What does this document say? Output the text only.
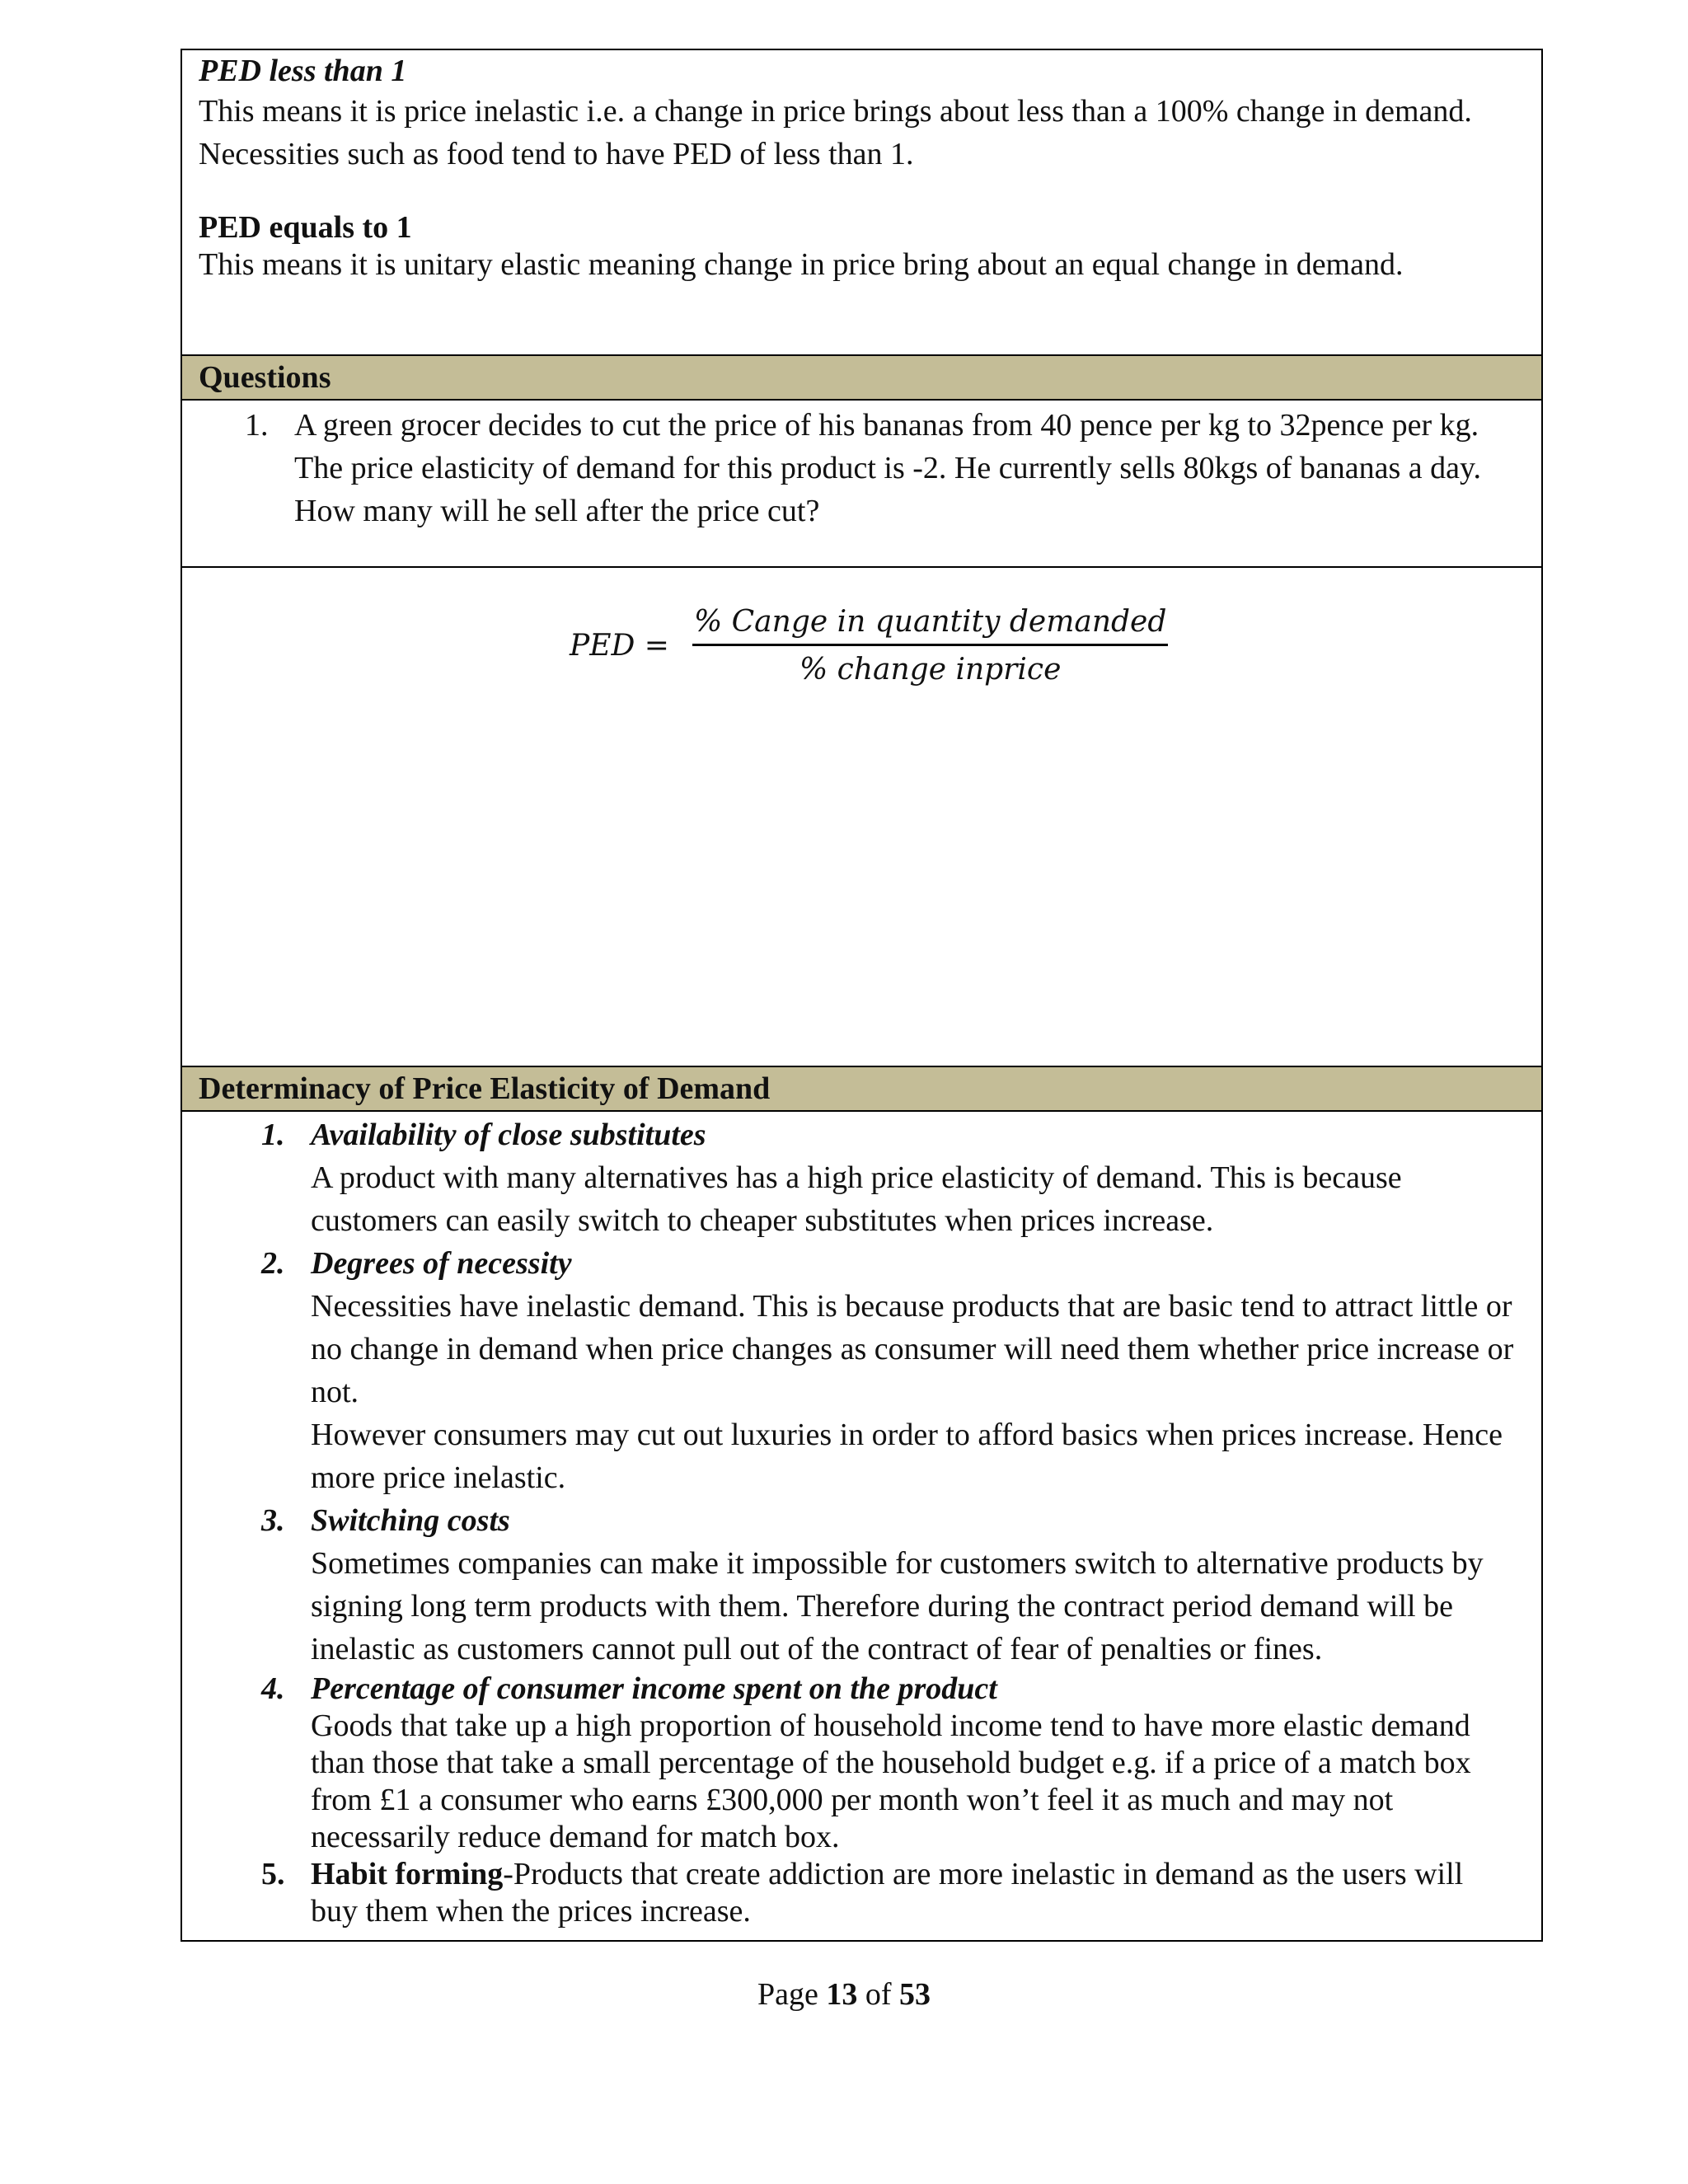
PED less than 1
This means it is price inelastic i.e. a change in price brings about less than a 100% change in demand.
Necessities such as food tend to have PED of less than 1.
PED equals to 1
This means it is unitary elastic meaning change in price bring about an equal change in demand.
Questions
1. A green grocer decides to cut the price of his bananas from 40 pence per kg to 32pence per kg. The price elasticity of demand for this product is -2. He currently sells 80kgs of bananas a day. How many will he sell after the price cut?
PED = $\frac{\text{\% Cange in quantity demanded}}{\text{\% change inprice}}$
Determinacy of Price Elasticity of Demand
1. Availability of close substitutes
A product with many alternatives has a high price elasticity of demand. This is because customers can easily switch to cheaper substitutes when prices increase.
2. Degrees of necessity
Necessities have inelastic demand. This is because products that are basic tend to attract little or no change in demand when price changes as consumer will need them whether price increase or not.
However consumers may cut out luxuries in order to afford basics when prices increase. Hence more price inelastic.
3. Switching costs
Sometimes companies can make it impossible for customers switch to alternative products by signing long term products with them. Therefore during the contract period demand will be inelastic as customers cannot pull out of the contract of fear of penalties or fines.
4. Percentage of consumer income spent on the product
Goods that take up a high proportion of household income tend to have more elastic demand than those that take a small percentage of the household budget e.g. if a price of a match box from £1 a consumer who earns £300,000 per month won’t feel it as much and may not necessarily reduce demand for match box.
5. Habit forming-Products that create addiction are more inelastic in demand as the users will buy them when the prices increase.
Page 13 of 53
